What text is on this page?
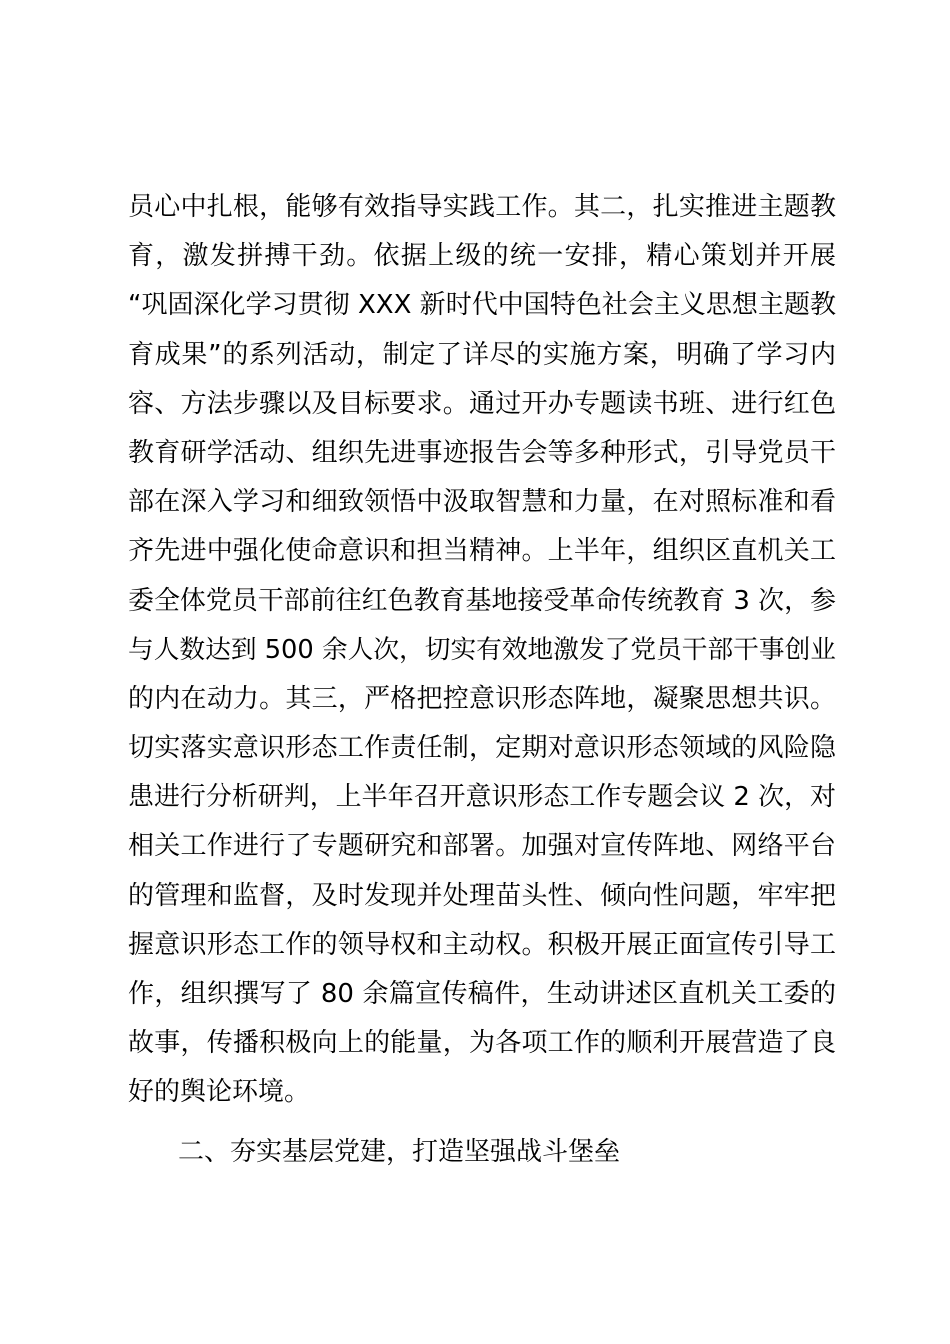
员心中扎根，能够有效指导实践工作。其二，扎实推进主题教
育，激发拼搏干劲。依据上级的统一安排，精心策划并开展
“巩固深化学习贯彻 XXX 新时代中国特色社会主义思想主题教
育成果”的系列活动，制定了详尽的实施方案，明确了学习内
容、方法步骤以及目标要求。通过开办专题读书班、进行红色
教育研学活动、组织先进事迹报告会等多种形式，引导党员干
部在深入学习和细致领悟中汲取智慧和力量，在对照标准和看
齐先进中强化使命意识和担当精神。上半年，组织区直机关工
委全体党员干部前往红色教育基地接受革命传统教育 3 次，参
与人数达到 500 余人次，切实有效地激发了党员干部干事创业
的内在动力。其三，严格把控意识形态阵地，凝聚思想共识。
切实落实意识形态工作责任制，定期对意识形态领域的风险隐
患进行分析研判，上半年召开意识形态工作专题会议 2 次，对
相关工作进行了专题研究和部署。加强对宣传阵地、网络平台
的管理和监督，及时发现并处理苗头性、倾向性问题，牢牢把
握意识形态工作的领导权和主动权。积极开展正面宣传引导工
作，组织撰写了 80 余篇宣传稿件，生动讲述区直机关工委的
故事，传播积极向上的能量，为各项工作的顺利开展营造了良
好的舆论环境。
二、夯实基层党建，打造坚强战斗堡垒
